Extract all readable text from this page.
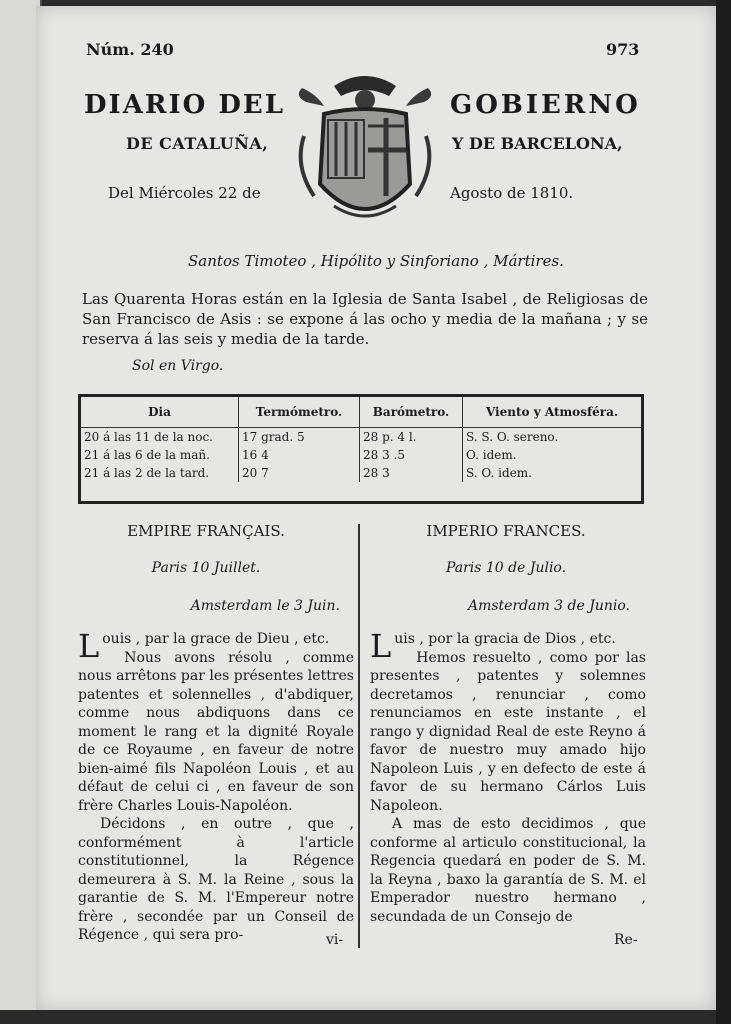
Núm. 240	973
DIARIO DEL	GOBIERNO
DE CATALUÑA,	Y DE BARCELONA,
Del Miércoles 22 de	Agosto de 1810.
Santos Timoteo , Hipólito y Sinforiano , Mártires.
Las Quarenta Horas están en la Iglesia de Santa Isabel , de Religiosas de San Francisco de Asis : se expone á las ocho y media de la mañana ; y se reserva á las seis y media de la tarde.
Sol en Virgo.
Dia	Termómetro.	Barómetro.	Viento y Atmosféra.
20 á las 11 de la noc.	17 grad. 5	28 p. 4 l.	S. S. O. sereno.
21 á las 6 de la mañ.	16 4	28 3 .5	O. idem.
21 á las 2 de la tard.	20 7	28 3	S. O. idem.
EMPIRE FRANÇAIS.
Paris 10 Juillet.
Amsterdam le 3 Juin.

Louis , par la grace de Dieu , etc.

Nous avons résolu , comme nous arrêtons par les présentes lettres patentes et solennelles , d'abdiquer, comme nous abdiquons dans ce moment le rang et la dignité Royale de ce Royaume , en faveur de notre bien-aimé fils Napoléon Louis , et au défaut de celui ci , en faveur de son frère Charles Louis-Napoléon.

Décidons , en outre , que , conformément à l'article constitutionnel, la Régence demeurera à S. M. la Reine , sous la garantie de S. M. l'Empereur notre frère , secondée par un Conseil de Régence , qui sera pro-	vi-
IMPERIO FRANCES.
Paris 10 de Julio.
Amsterdam 3 de Junio.

Luis , por la gracia de Dios , etc.

Hemos resuelto , como por las presentes , patentes y solemnes decretamos , renunciar , como renunciamos en este instante , el rango y dignidad Real de este Reyno á favor de nuestro muy amado hijo Napoleon Luis , y en defecto de este á favor de su hermano Cárlos Luis Napoleon.

A mas de esto decidimos , que conforme al articulo constitucional, la Regencia quedará en poder de S. M. la Reyna , baxo la garantía de S. M. el Emperador nuestro hermano , secundada de un Consejo de

Re-
